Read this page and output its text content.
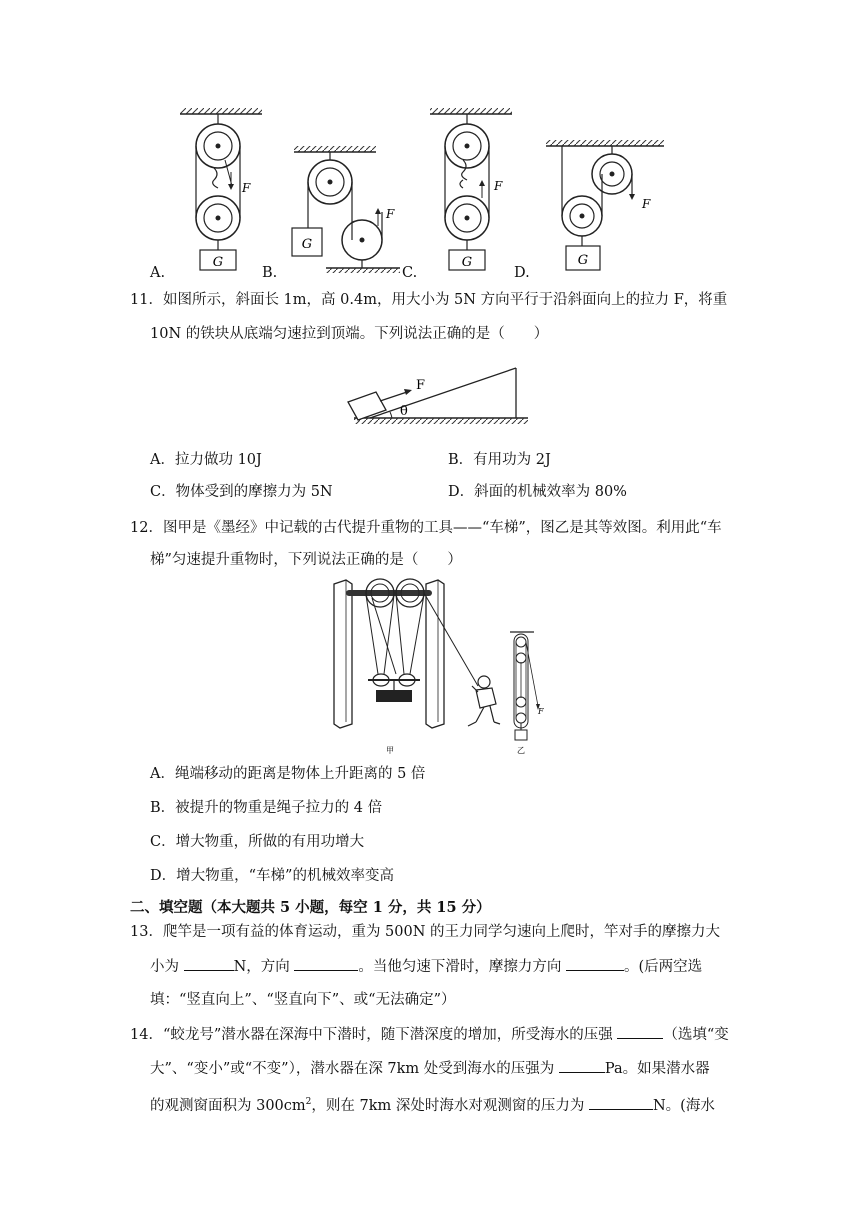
G
G
G	G
F
F
F
F
A.	B.	C.	D.
11．如图所示，斜面长 1m，高 0.4m，用大小为 5N 方向平行于沿斜面向上的拉力 F，将重
10N 的铁块从底端匀速拉到顶端。下列说法正确的是（　　）
F
θ
A．拉力做功 10J	B．有用功为 2J
C．物体受到的摩擦力为 5N	D．斜面的机械效率为 80%
12．图甲是《墨经》中记载的古代提升重物的工具——“车梯”，图乙是其等效图。利用此“车
梯”匀速提升重物时，下列说法正确的是（　　）
F
甲	乙
A．绳端移动的距离是物体上升距离的 5 倍
B．被提升的物重是绳子拉力的 4 倍
C．增大物重，所做的有用功增大
D．增大物重，“车梯”的机械效率变高
二、填空题（本大题共 5 小题，每空 1 分，共 15 分）
13．爬竿是一项有益的体育运动，重为 500N 的王力同学匀速向上爬时，竿对手的摩擦力大
小为	N，方向	。当他匀速下滑时，摩擦力方向	。(后两空选
填：“竖直向上”、“竖直向下”、或“无法确定”）
14．“蛟龙号”潜水器在深海中下潜时，随下潜深度的增加，所受海水的压强	（选填“变
大”、“变小”或“不变”），潜水器在深 7km 处受到海水的压强为	Pa。如果潜水器
的观测窗面积为 $300cm^2$，则在 7km 深处时海水对观测窗的压力为	N。(海水
